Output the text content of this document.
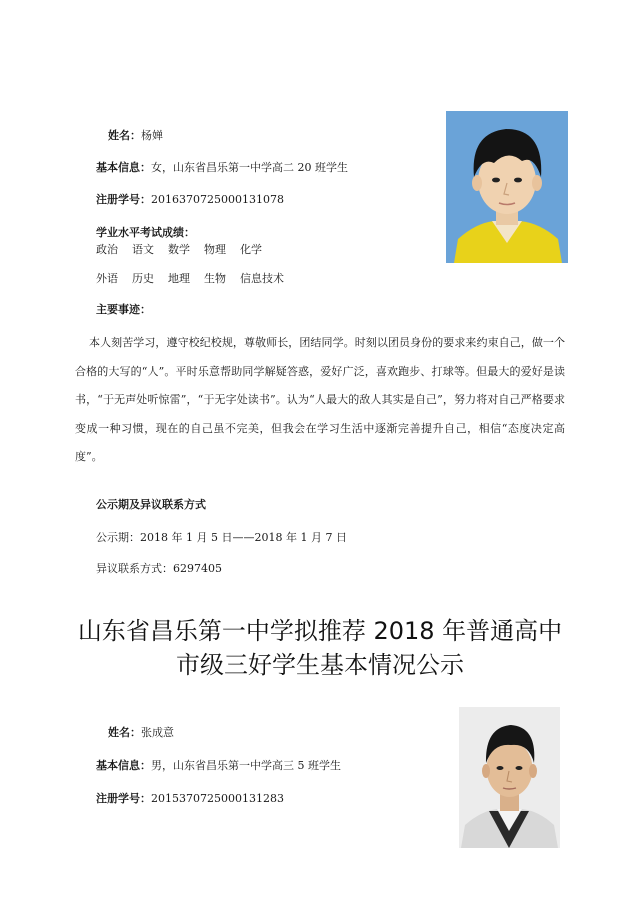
姓名：杨婵
基本信息：女，山东省昌乐第一中学高二 20 班学生
注册学号：2016370725000131078
学业水平考试成绩：
政治    语文    数学    物理    化学
外语    历史    地理    生物    信息技术
主要事迹：
本人刻苦学习，遵守校纪校规，尊敬师长，团结同学。时刻以团员身份的要求来约束自己，做一个合格的大写的“人”。平时乐意帮助同学解疑答惑，爱好广泛，喜欢跑步、打球等。但最大的爱好是读书，“于无声处听惊雷”，“于无字处读书”。认为“人最大的敌人其实是自己”，努力将对自己严格要求变成一种习惯，现在的自己虽不完美，但我会在学习生活中逐渐完善提升自己，相信“态度决定高度”。
公示期及异议联系方式
公示期：2018 年 1 月 5 日——2018 年 1 月 7 日
异议联系方式：6297405
山东省昌乐第一中学拟推荐 2018 年普通高中
市级三好学生基本情况公示
姓名：张成意
基本信息：男，山东省昌乐第一中学高三 5 班学生
注册学号：2015370725000131283
